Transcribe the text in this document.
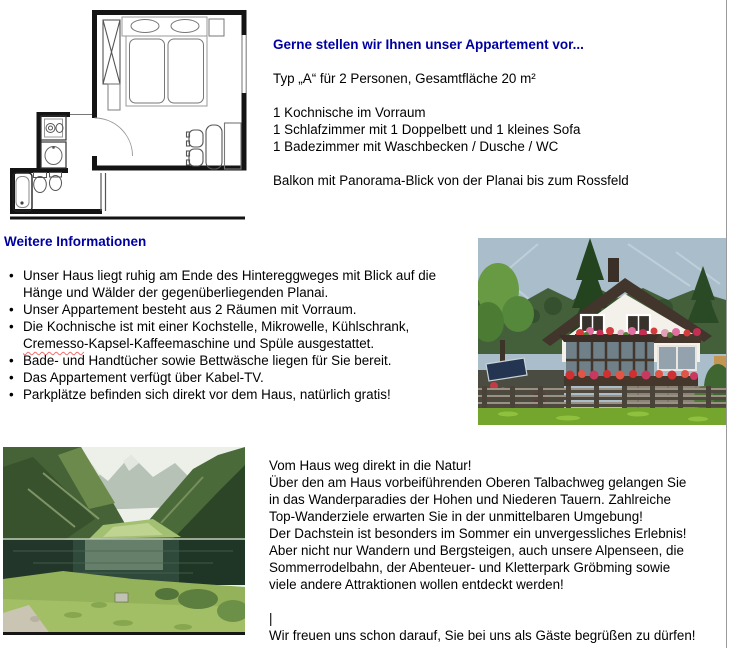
Gerne stellen wir Ihnen unser Appartement vor...
Typ „A“ für 2 Personen, Gesamtfläche 20 m²
1 Kochnische im Vorraum
1 Schlafzimmer mit 1 Doppelbett und 1 kleines Sofa
1 Badezimmer mit Waschbecken / Dusche / WC
Balkon mit Panorama-Blick von der Planai bis zum Rossfeld
Weitere Informationen
• Unser Haus liegt ruhig am Ende des Hintereggweges mit Blick auf die
Hänge und Wälder der gegenüberliegenden Planai.
• Unser Appartement besteht aus 2 Räumen mit Vorraum.
• Die Kochnische ist mit einer Kochstelle, Mikrowelle, Kühlschrank,
Cremesso-Kapsel-Kaffeemaschine und Spüle ausgestattet.
• Bade- und Handtücher sowie Bettwäsche liegen für Sie bereit.
• Das Appartement verfügt über Kabel-TV.
• Parkplätze befinden sich direkt vor dem Haus, natürlich gratis!
Vom Haus weg direkt in die Natur!
Über den am Haus vorbeiführenden Oberen Talbachweg gelangen Sie
in das Wanderparadies der Hohen und Niederen Tauern. Zahlreiche
Top-Wanderziele erwarten Sie in der unmittelbaren Umgebung!
Der Dachstein ist besonders im Sommer ein unvergessliches Erlebnis!
Aber nicht nur Wandern und Bergsteigen, auch unsere Alpenseen, die
Sommerrodelbahn, der Abenteuer- und Kletterpark Gröbming sowie
viele andere Attraktionen wollen entdeckt werden!
|
Wir freuen uns schon darauf, Sie bei uns als Gäste begrüßen zu dürfen!
